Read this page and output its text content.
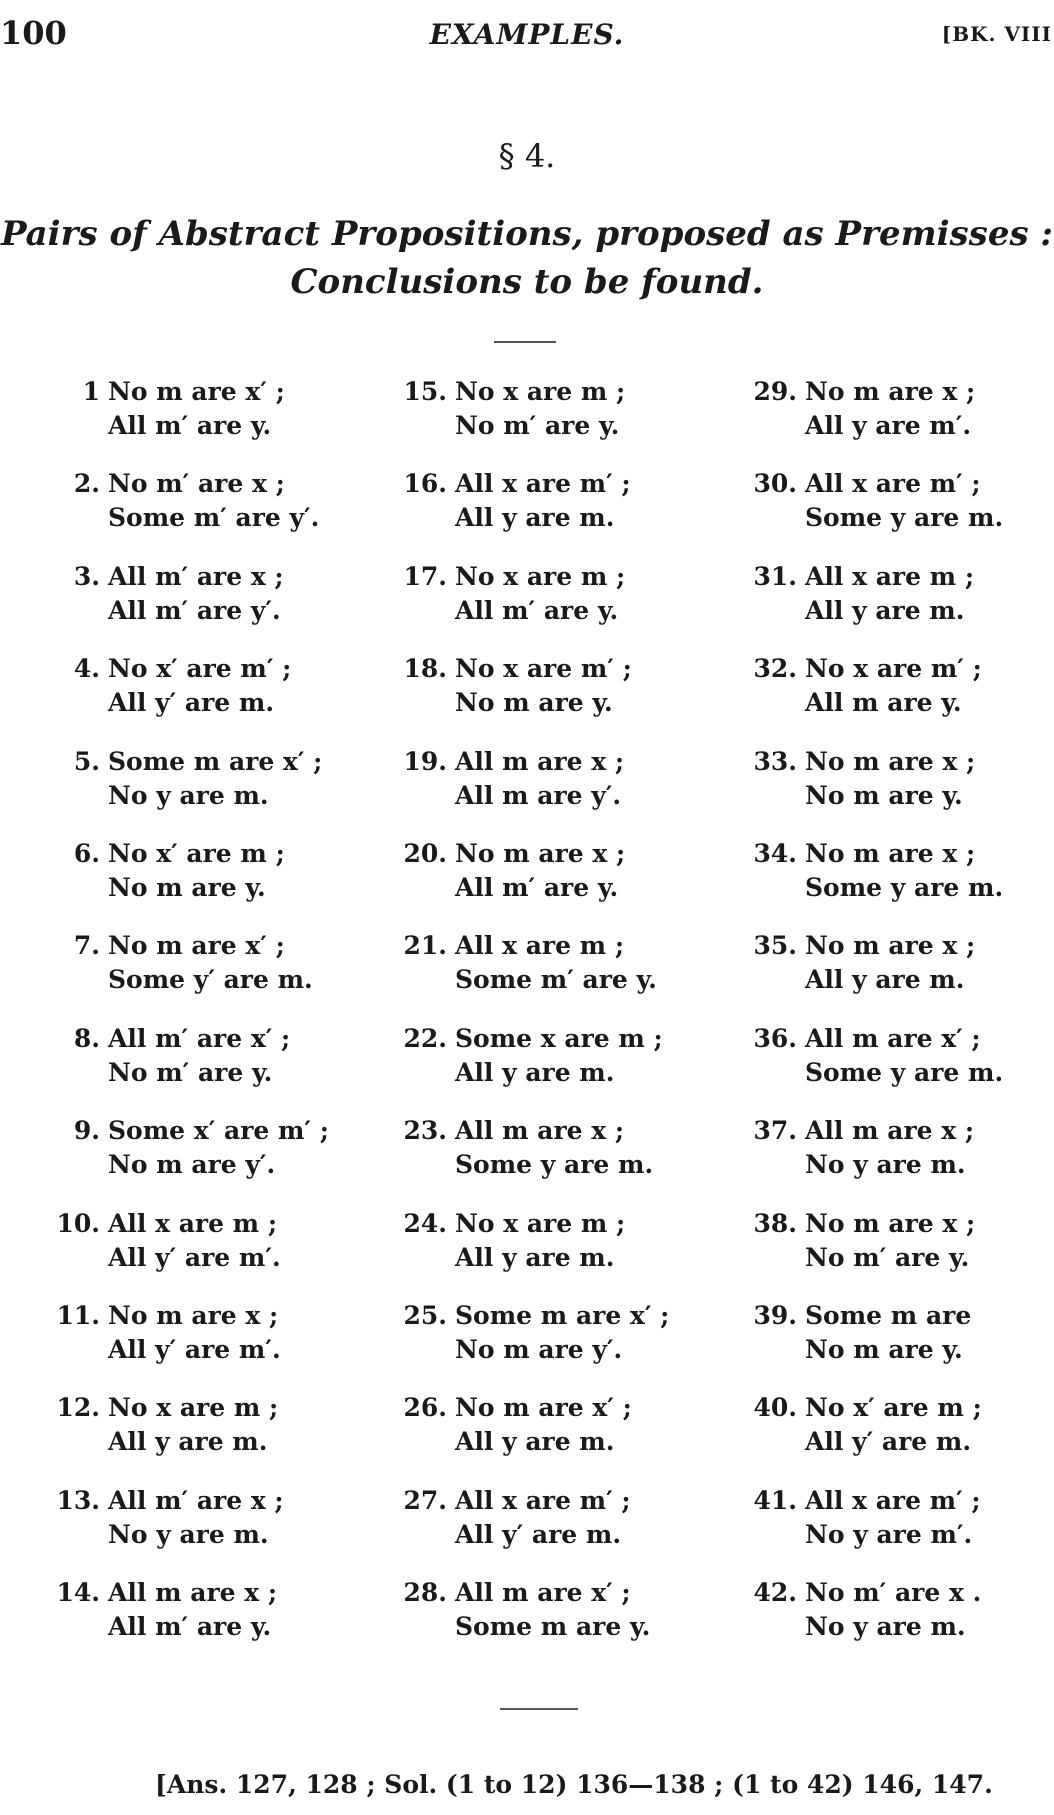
100	EXAMPLES.	[BK. VIII
§ 4.
Pairs of Abstract Propositions, proposed as Premisses :
Conclusions to be found.
1 No m are x′ ;
All m′ are y.
2. No m′ are x ;
Some m′ are y′.
3. All m′ are x ;
All m′ are y′.
4. No x′ are m′ ;
All y′ are m.
5. Some m are x′ ;
No y are m.
6. No x′ are m ;
No m are y.
7. No m are x′ ;
Some y′ are m.
8. All m′ are x′ ;
No m′ are y.
9. Some x′ are m′ ;
No m are y′.
10. All x are m ;
All y′ are m′.
11. No m are x ;
All y′ are m′.
12. No x are m ;
All y are m.
13. All m′ are x ;
No y are m.
14. All m are x ;
All m′ are y.
15. No x are m ;
No m′ are y.
16. All x are m′ ;
All y are m.
17. No x are m ;
All m′ are y.
18. No x are m′ ;
No m are y.
19. All m are x ;
All m are y′.
20. No m are x ;
All m′ are y.
21. All x are m ;
Some m′ are y.
22. Some x are m ;
All y are m.
23. All m are x ;
Some y are m.
24. No x are m ;
All y are m.
25. Some m are x′ ;
No m are y′.
26. No m are x′ ;
All y are m.
27. All x are m′ ;
All y′ are m.
28. All m are x′ ;
Some m are y.
29. No m are x ;
All y are m′.
30. All x are m′ ;
Some y are m.
31. All x are m ;
All y are m.
32. No x are m′ ;
All m are y.
33. No m are x ;
No m are y.
34. No m are x ;
Some y are m.
35. No m are x ;
All y are m.
36. All m are x′ ;
Some y are m.
37. All m are x ;
No y are m.
38. No m are x ;
No m′ are y.
39. Some m are
No m are y.
40. No x′ are m ;
All y′ are m.
41. All x are m′ ;
No y are m′.
42. No m′ are x .
No y are m.
[Ans. 127, 128 ; Sol. (1 to 12) 136—138 ; (1 to 42) 146, 147.
